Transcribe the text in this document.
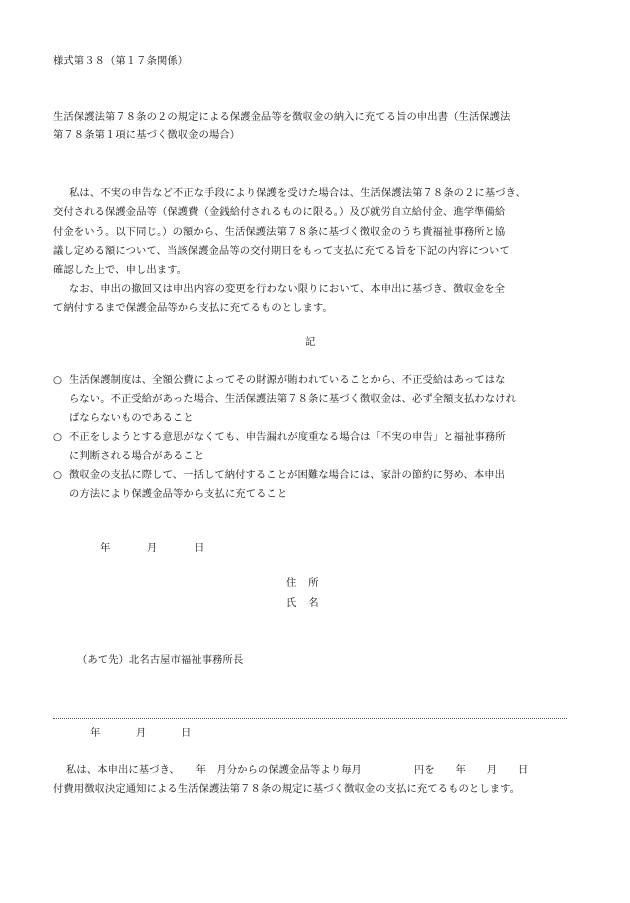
様式第３８（第１７条関係）
生活保護法第７８条の２の規定による保護金品等を徴収金の納入に充てる旨の申出書（生活保護法
第７８条第１項に基づく徴収金の場合）
私は、不実の申告など不正な手段により保護を受けた場合は、生活保護法第７８条の２に基づき、
交付される保護金品等（保護費（金銭給付されるものに限る。）及び就労自立給付金、進学準備給
付金をいう。以下同じ。）の額から、生活保護法第７８条に基づく徴収金のうち貴福祉事務所と協
議し定める額について、当該保護金品等の交付期日をもって支払に充てる旨を下記の内容について
確認した上で、申し出ます。
なお、申出の撤回又は申出内容の変更を行わない限りにおいて、本申出に基づき、徴収金を全
て納付するまで保護金品等から支払に充てるものとします。
記
○ 生活保護制度は、全額公費によってその財源が賄われていることから、不正受給はあってはな
らない。不正受給があった場合、生活保護法第７８条に基づく徴収金は、必ず全額支払わなけれ
ばならないものであること
○ 不正をしようとする意思がなくても、申告漏れが度重なる場合は「不実の申告」と福祉事務所
に判断される場合があること
○ 徴収金の支払に際して、一括して納付することが困難な場合には、家計の節約に努め、本申出
の方法により保護金品等から支払に充てること
年	月	日
住所
氏名
（あて先）北名古屋市福祉事務所長
年	月	日
私は、本申出に基づき、　　年　月分からの保護金品等より毎月　　　　　円を　　年　　月　　日
付費用徴収決定通知による生活保護法第７８条の規定に基づく徴収金の支払に充てるものとします。
